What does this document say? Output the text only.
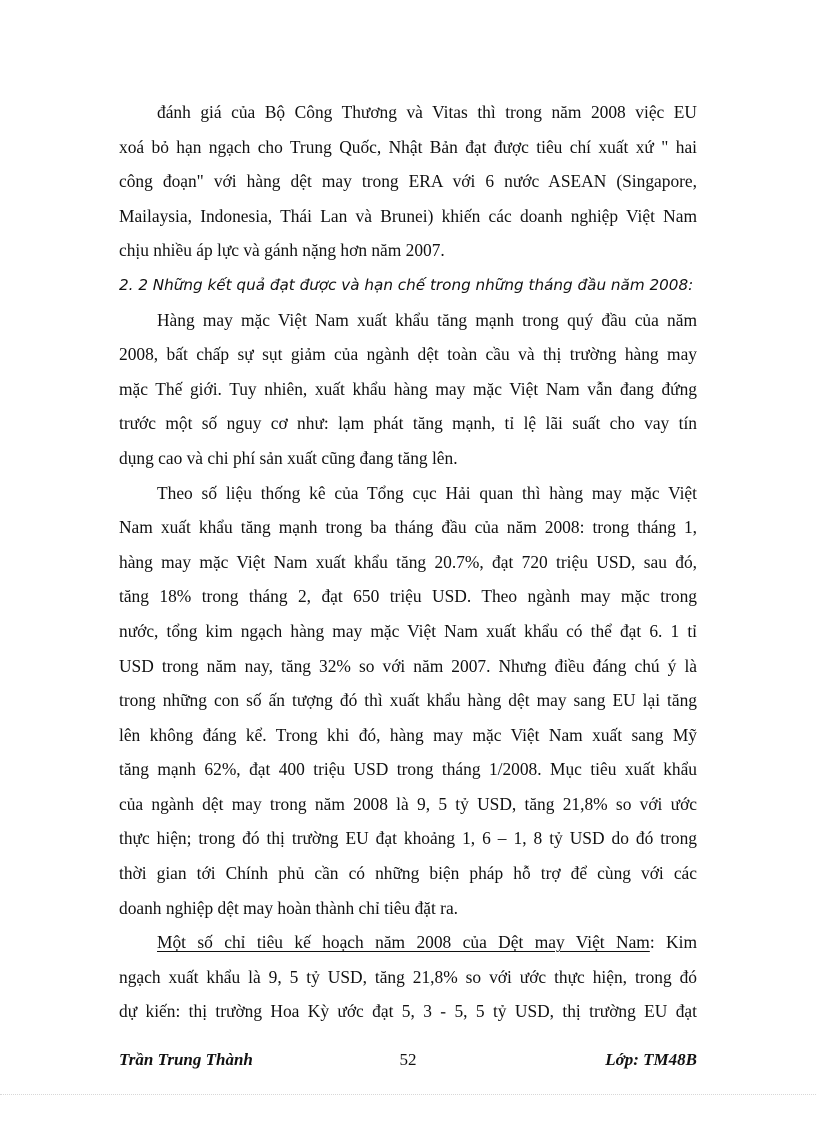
đánh giá của Bộ Công Thương và Vitas thì trong năm 2008 việc EU
xoá bỏ hạn ngạch cho Trung Quốc, Nhật Bản đạt được tiêu chí xuất xứ " hai
công đoạn" với hàng dệt may trong ERA với 6 nước ASEAN (Singapore,
Mailaysia, Indonesia, Thái Lan và Brunei) khiến các doanh nghiệp Việt Nam
chịu nhiều áp lực và gánh nặng hơn năm 2007.
2. 2 Những kết quả đạt được và hạn chế trong những tháng đầu năm 2008:
Hàng may mặc Việt Nam xuất khẩu tăng mạnh trong quý đầu của năm
2008, bất chấp sự sụt giảm của ngành dệt toàn cầu và thị trường hàng may
mặc Thế giới. Tuy nhiên, xuất khẩu hàng may mặc Việt Nam vẫn đang đứng
trước một số nguy cơ như: lạm phát tăng mạnh, tỉ lệ lãi suất cho vay tín
dụng cao và chi phí sản xuất cũng đang tăng lên.
Theo số liệu thống kê của Tổng cục Hải quan thì hàng may mặc Việt
Nam xuất khẩu tăng mạnh trong ba tháng đầu của năm 2008: trong tháng 1,
hàng may mặc Việt Nam xuất khẩu tăng 20.7%, đạt 720 triệu USD, sau đó,
tăng 18% trong tháng 2, đạt 650 triệu USD. Theo ngành may mặc trong
nước, tổng kim ngạch hàng may mặc Việt Nam xuất khẩu có thể đạt 6. 1 tỉ
USD trong năm nay, tăng 32% so với năm 2007. Nhưng điều đáng chú ý là
trong những con số ấn tượng đó thì xuất khẩu hàng dệt may sang EU lại tăng
lên không đáng kể. Trong khi đó, hàng may mặc Việt Nam xuất sang Mỹ
tăng mạnh 62%, đạt 400 triệu USD trong tháng 1/2008. Mục tiêu xuất khẩu
của ngành dệt may trong năm 2008 là 9, 5 tỷ USD, tăng 21,8% so với ước
thực hiện; trong đó thị trường EU đạt khoảng 1, 6 – 1, 8 tỷ USD do đó trong
thời gian tới Chính phủ cần có những biện pháp hỗ trợ để cùng với các
doanh nghiệp dệt may hoàn thành chỉ tiêu đặt ra.
Một số chỉ tiêu kế hoạch năm 2008 của Dệt may Việt Nam: Kim
ngạch xuất khẩu là 9, 5 tỷ USD, tăng 21,8% so với ước thực hiện, trong đó
dự kiến: thị trường Hoa Kỳ ước đạt 5, 3 - 5, 5 tỷ USD, thị trường EU đạt
Trần Trung Thành	52	Lớp: TM48B
